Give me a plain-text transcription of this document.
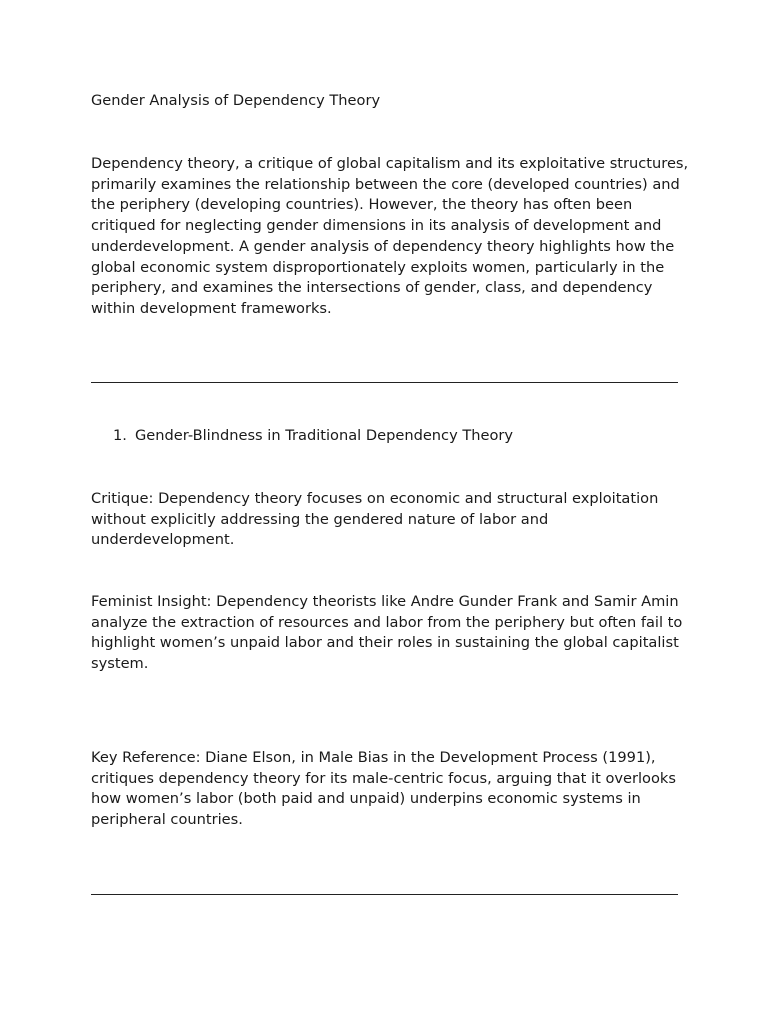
Gender Analysis of Dependency Theory

Dependency theory, a critique of global capitalism and its exploitative structures, primarily examines the relationship between the core (developed countries) and the periphery (developing countries). However, the theory has often been critiqued for neglecting gender dimensions in its analysis of development and underdevelopment. A gender analysis of dependency theory highlights how the global economic system disproportionately exploits women, particularly in the periphery, and examines the intersections of gender, class, and dependency within development frameworks.

1. Gender-Blindness in Traditional Dependency Theory

Critique: Dependency theory focuses on economic and structural exploitation without explicitly addressing the gendered nature of labor and underdevelopment.

Feminist Insight: Dependency theorists like Andre Gunder Frank and Samir Amin analyze the extraction of resources and labor from the periphery but often fail to highlight women’s unpaid labor and their roles in sustaining the global capitalist system.

Key Reference: Diane Elson, in Male Bias in the Development Process (1991), critiques dependency theory for its male-centric focus, arguing that it overlooks how women’s labor (both paid and unpaid) underpins economic systems in peripheral countries.
